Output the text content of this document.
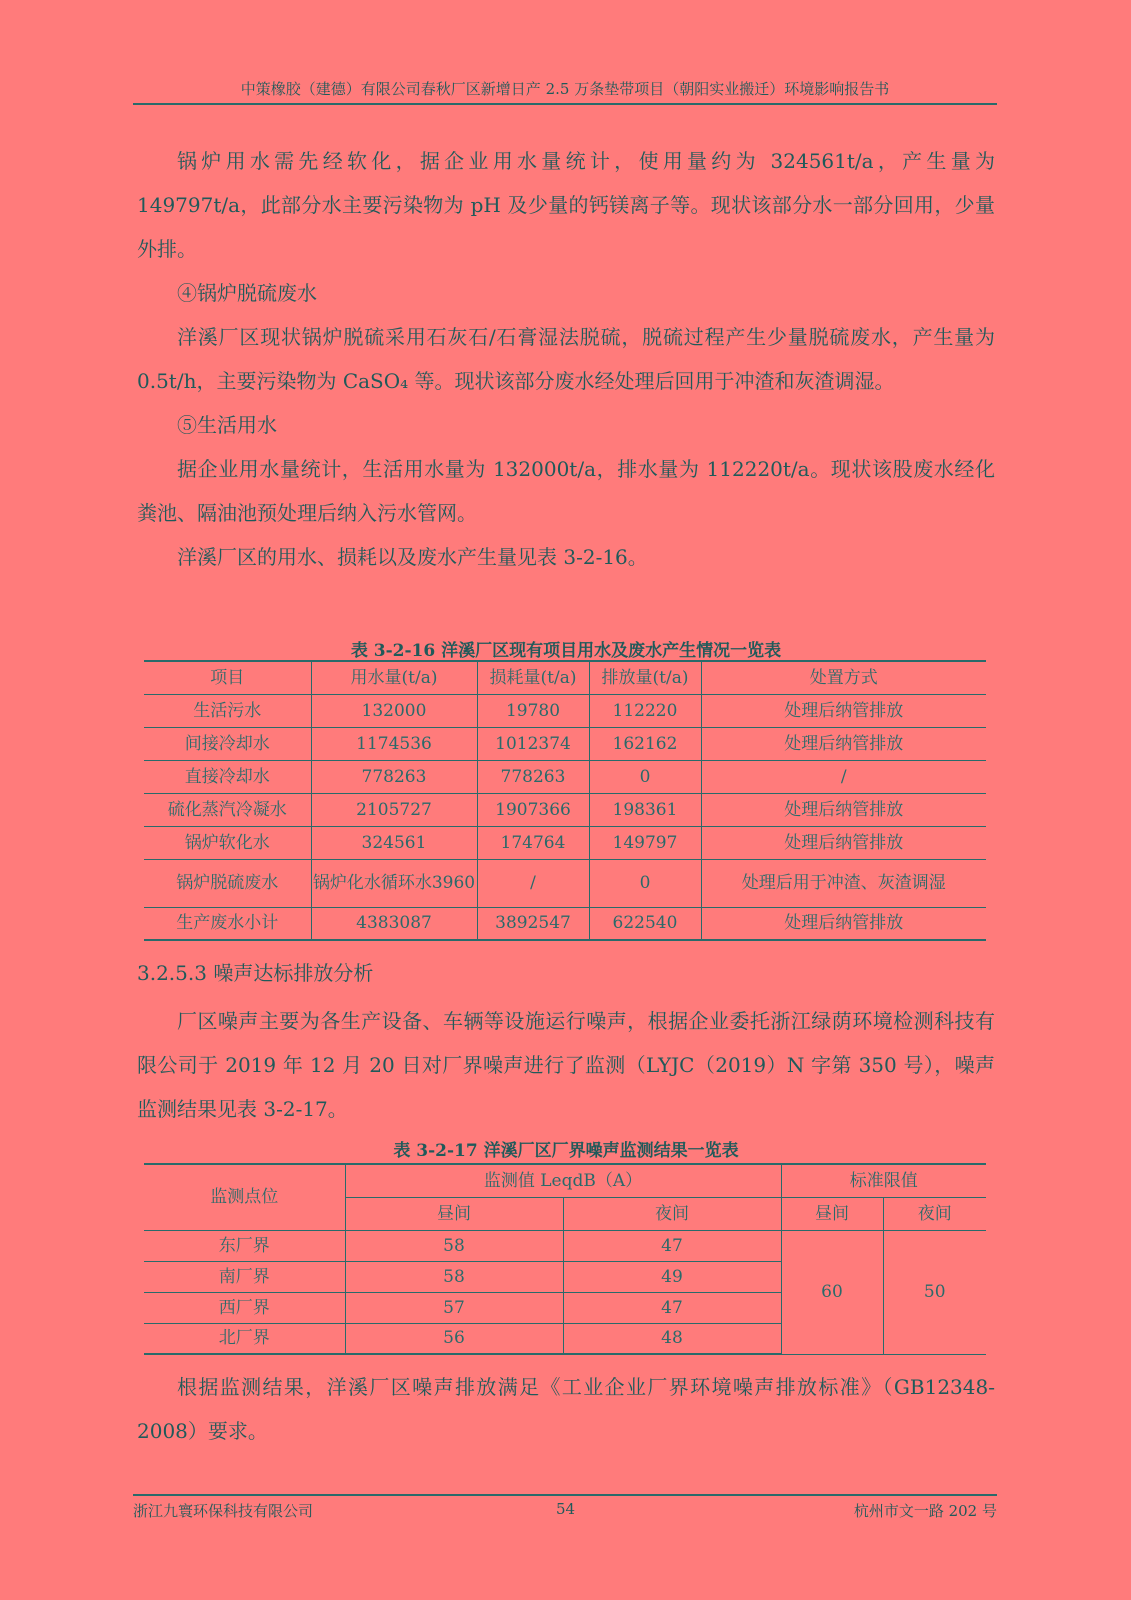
中策橡胶（建德）有限公司春秋厂区新增日产 2.5 万条垫带项目（朝阳实业搬迁）环境影响报告书

锅炉用水需先经软化，据企业用水量统计，使用量约为 324561t/a，产生量为 149797t/a，此部分水主要污染物为 pH 及少量的钙镁离子等。现状该部分水一部分回用，少量外排。

④锅炉脱硫废水

洋溪厂区现状锅炉脱硫采用石灰石/石膏湿法脱硫，脱硫过程产生少量脱硫废水，产生量为 0.5t/h，主要污染物为 CaSO₄ 等。现状该部分废水经处理后回用于冲渣和灰渣调湿。

⑤生活用水

据企业用水量统计，生活用水量为 132000t/a，排水量为 112220t/a。现状该股废水经化粪池、隔油池预处理后纳入污水管网。

洋溪厂区的用水、损耗以及废水产生量见表 3-2-16。

表 3-2-16 洋溪厂区现有项目用水及废水产生情况一览表
项目	用水量(t/a)	损耗量(t/a)	排放量(t/a)	处置方式
生活污水	132000	19780	112220	处理后纳管排放
间接冷却水	1174536	1012374	162162	处理后纳管排放
直接冷却水	778263	778263	0	/
硫化蒸汽冷凝水	2105727	1907366	198361	处理后纳管排放
锅炉软化水	324561	174764	149797	处理后纳管排放
锅炉脱硫废水	锅炉化水循环水3960	/	0	处理后用于冲渣、灰渣调湿
生产废水小计	4383087	3892547	622540	处理后纳管排放
3.2.5.3 噪声达标排放分析

厂区噪声主要为各生产设备、车辆等设施运行噪声，根据企业委托浙江绿荫环境检测科技有限公司于 2019 年 12 月 20 日对厂界噪声进行了监测（LYJC（2019）N 字第 350 号），噪声监测结果见表 3-2-17。

表 3-2-17 洋溪厂区厂界噪声监测结果一览表
监测点位	监测值 LeqdB（A）		标准限值	
	昼间	夜间	昼间	夜间
东厂界	58	47	60	50
南厂界	58	49		
西厂界	57	47		
北厂界	56	48		

根据监测结果，洋溪厂区噪声排放满足《工业企业厂界环境噪声排放标准》（GB12348-2008）要求。

浙江九寰环保科技有限公司	54	杭州市文一路 202 号
